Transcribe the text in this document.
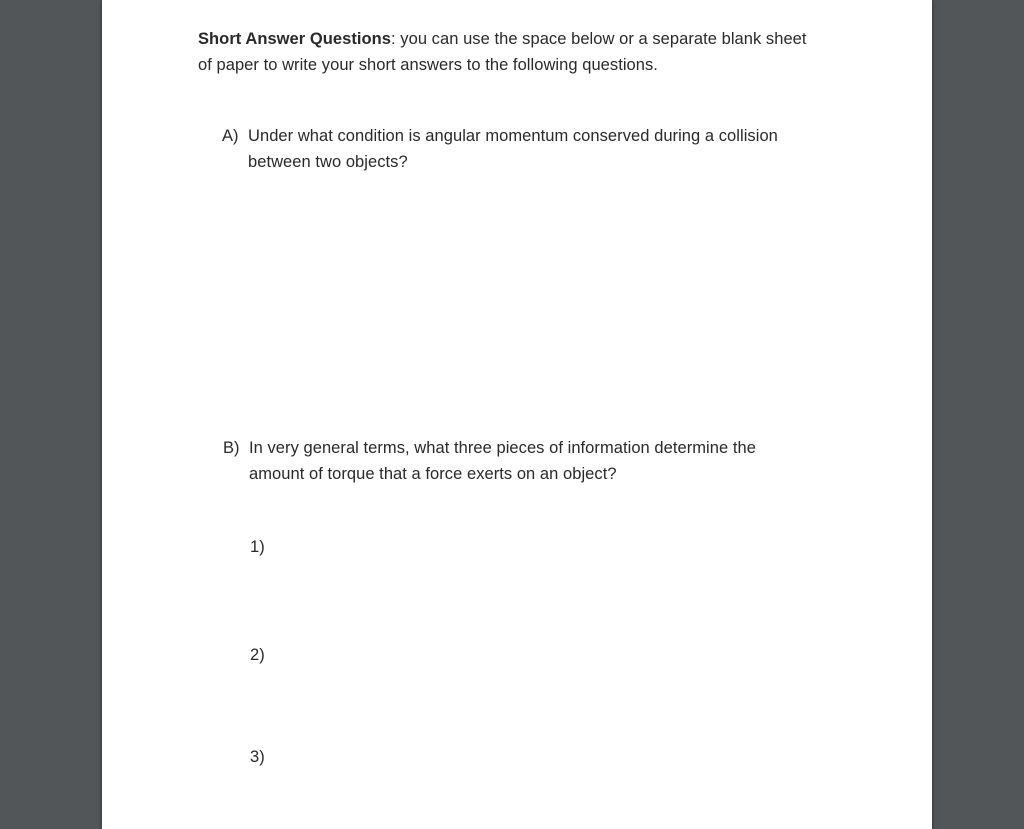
Short Answer Questions: you can use the space below or a separate blank sheet
of paper to write your short answers to the following questions.
A) Under what condition is angular momentum conserved during a collision
between two objects?
B) In very general terms, what three pieces of information determine the
amount of torque that a force exerts on an object?
1)
2)
3)
